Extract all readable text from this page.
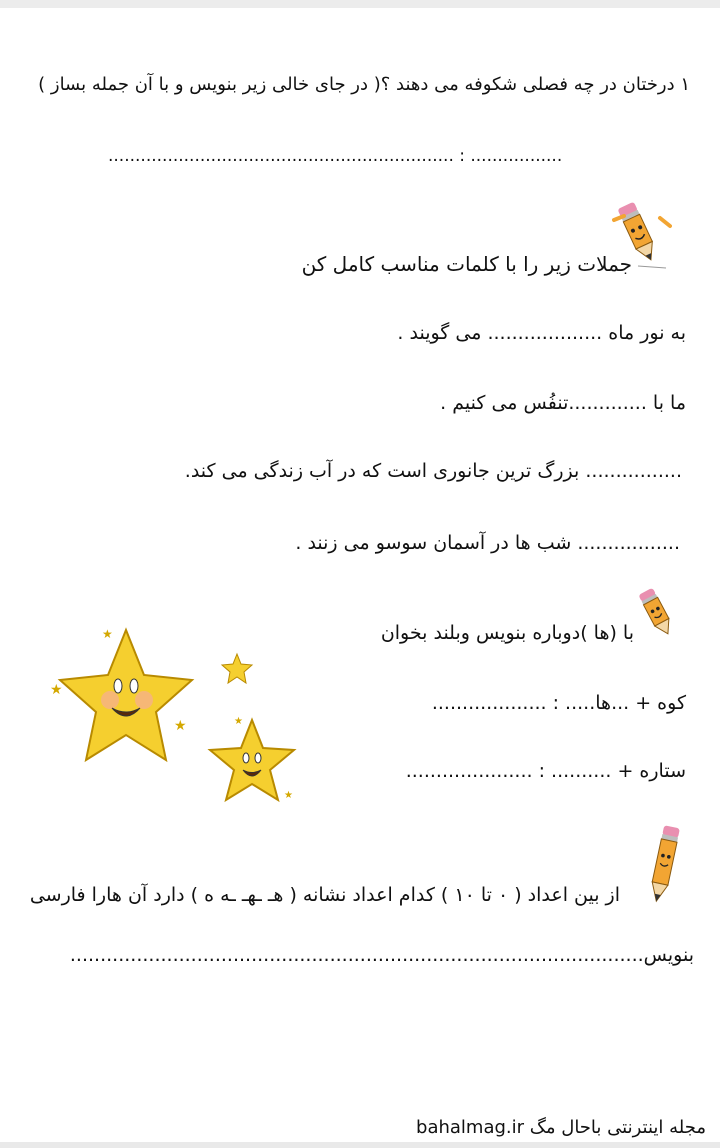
۱ درختان در چه فصلی شکوفه می دهند ؟( در جای خالی زیر بنویس و با آن جمله بساز )
................................................................ : .................
جملات زیر را با کلمات مناسب کامل کن
به نور ماه ................... می گویند .
ما با .............تنفُس می کنیم .
................ بزرگ ترین جانوری است که در آب زندگی می کند.
................. شب ها در آسمان سوسو می زنند .
با (ها )دوباره بنویس وبلند بخوان
کوه + ...ها..... : ...................
ستاره + .......... : .....................
★
★
★	★
★
از بین اعداد ( ۰ تا ۱۰ ) کدام اعداد نشانه ( هـ ـهـ ـه ه ) دارد آن هارا فارسی
بنویس...............................................................................................
مجله اینترنتی باحال مگ bahalmag.ir
